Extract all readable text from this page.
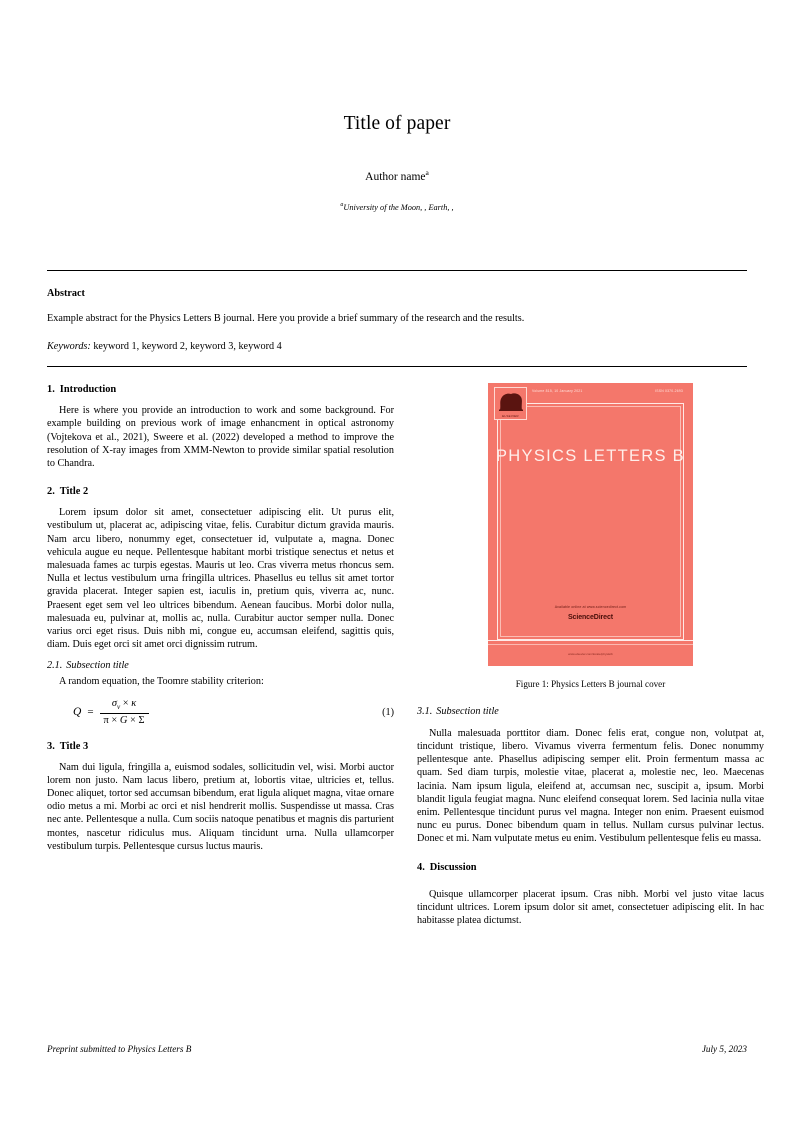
Title of paper
Author name$^a$
$^a$University of the Moon, , Earth, ,
Abstract
Example abstract for the Physics Letters B journal. Here you provide a brief summary of the research and the results.
Keywords: keyword 1, keyword 2, keyword 3, keyword 4
1. Introduction

Here is where you provide an introduction to work and some background. For example building on previous work of image enhancment in optical astronomy (Vojtekova et al., 2021), Sweere et al. (2022) developed a method to improve the resolution of X-ray images from XMM-Newton to provide similar spatial resolution to Chandra.

2. Title 2

Lorem ipsum dolor sit amet, consectetuer adipiscing elit. Ut purus elit, vestibulum ut, placerat ac, adipiscing vitae, felis. Curabitur dictum gravida mauris. Nam arcu libero, nonummy eget, consectetuer id, vulputate a, magna. Donec vehicula augue eu neque. Pellentesque habitant morbi tristique senectus et netus et malesuada fames ac turpis egestas. Mauris ut leo. Cras viverra metus rhoncus sem. Nulla et lectus vestibulum urna fringilla ultrices. Phasellus eu tellus sit amet tortor gravida placerat. Integer sapien est, iaculis in, pretium quis, viverra ac, nunc. Praesent eget sem vel leo ultrices bibendum. Aenean faucibus. Morbi dolor nulla, malesuada eu, pulvinar at, mollis ac, nulla. Curabitur auctor semper nulla. Donec varius orci eget risus. Duis nibh mi, congue eu, accumsan eleifend, sagittis quis, diam. Duis eget orci sit amet orci dignissim rutrum.

2.1. Subsection title

A random equation, the Toomre stability criterion:

Q =
$\sigma_v \times \kappa$
π × G × Σ
(1)
3. Title 3

Nam dui ligula, fringilla a, euismod sodales, sollicitudin vel, wisi. Morbi auctor lorem non justo. Nam lacus libero, pretium at, lobortis vitae, ultricies et, tellus. Donec aliquet, tortor sed accumsan bibendum, erat ligula aliquet magna, vitae ornare odio metus a mi. Morbi ac orci et nisl hendrerit mollis. Suspendisse ut massa. Cras nec ante. Pellentesque a nulla. Cum sociis natoque penatibus et magnis dis parturient montes, nascetur ridiculus mus. Aliquam tincidunt urna. Nulla ullamcorper vestibulum turpis. Pellentesque cursus luctus mauris.

ELSEVIER
Volume 815, 10 January 2021	ISSN 0370-2693
PHYSICS LETTERS B
Available online at www.sciencedirect.com
ScienceDirect
www.elsevier.com/locate/physletb
Figure 1: Physics Letters B journal cover
3.1. Subsection title

Nulla malesuada porttitor diam. Donec felis erat, congue non, volutpat at, tincidunt tristique, libero. Vivamus viverra fermentum felis. Donec nonummy pellentesque ante. Phasellus adipiscing semper elit. Proin fermentum massa ac quam. Sed diam turpis, molestie vitae, placerat a, molestie nec, leo. Maecenas lacinia. Nam ipsum ligula, eleifend at, accumsan nec, suscipit a, ipsum. Morbi blandit ligula feugiat magna. Nunc eleifend consequat lorem. Sed lacinia nulla vitae enim. Pellentesque tincidunt purus vel magna. Integer non enim. Praesent euismod nunc eu purus. Donec bibendum quam in tellus. Nullam cursus pulvinar lectus. Donec et mi. Nam vulputate metus eu enim. Vestibulum pellentesque felis eu massa.

4. Discussion

Quisque ullamcorper placerat ipsum. Cras nibh. Morbi vel justo vitae lacus tincidunt ultrices. Lorem ipsum dolor sit amet, consectetuer adipiscing elit. In hac habitasse platea dictumst.

Preprint submitted to Physics Letters B	July 5, 2023
